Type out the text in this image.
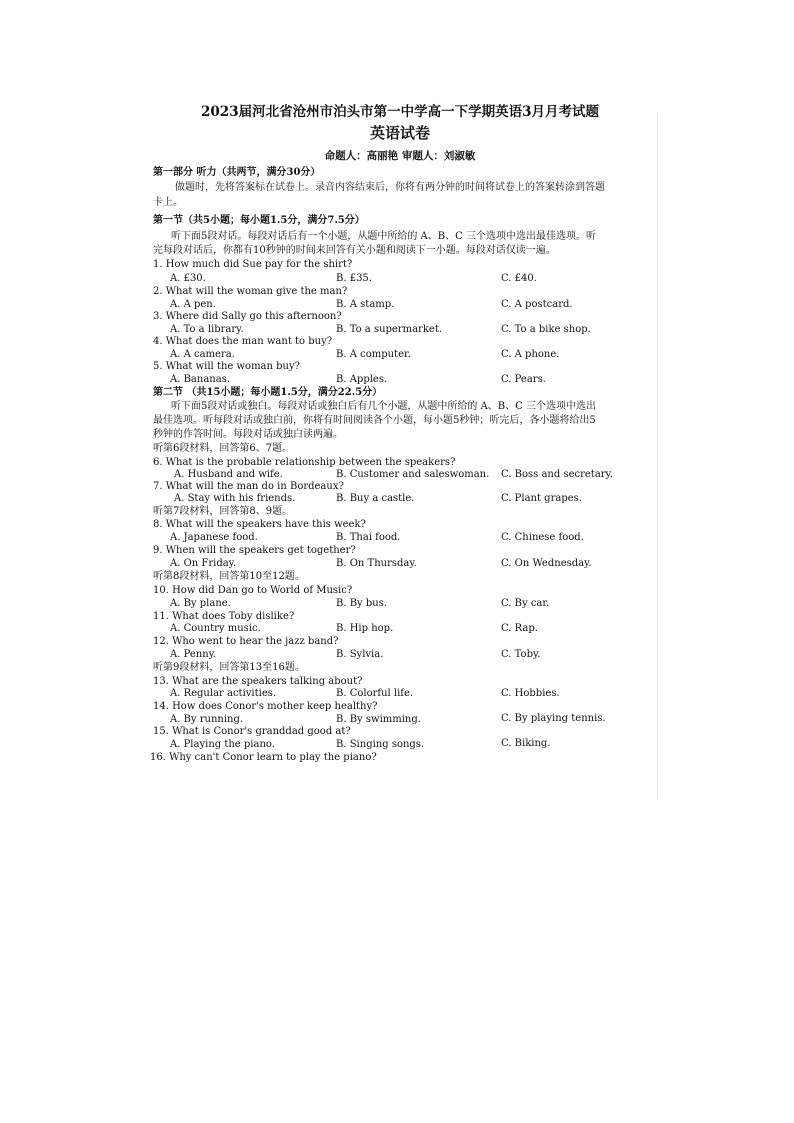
2023届河北省沧州市泊头市第一中学高一下学期英语3月月考试题
英语试卷
命题人：高丽艳 审题人：刘淑敏
第一部分 听力（共两节，满分30分）
做题时，先将答案标在试卷上。录音内容结束后，你将有两分钟的时间将试卷上的答案转涂到答题
卡上。
第一节（共5小题；每小题1.5分，满分7.5分）
听下面5段对话。每段对话后有一个小题，从题中所给的 A、B、C 三个选项中选出最佳选项。听
完每段对话后，你都有10秒钟的时间来回答有关小题和阅读下一小题。每段对话仅读一遍。
1. How much did Sue pay for the shirt?
A. £30.	B. £35.	C. £40.
2. What will the woman give the man?
A. A pen.	B. A stamp.	C. A postcard.
3. Where did Sally go this afternoon?
A. To a library.	B. To a supermarket.	C. To a bike shop.
4. What does the man want to buy?
A. A camera.	B. A computer.	C. A phone.
5. What will the woman buy?
A. Bananas.	B. Apples.	C. Pears.
第二节 （共15小题；每小题1.5分，满分22.5分）
听下面5段对话或独白。每段对话或独白后有几个小题，从题中所给的 A、B、C 三个选项中选出
最佳选项。听每段对话或独白前，你将有时间阅读各个小题，每小题5秒钟；听完后，各小题将给出5
秒钟的作答时间。每段对话或独白读两遍。
听第6段材料，回答第6、7题。
6. What is the probable relationship between the speakers?
A. Husband and wife.	B. Customer and saleswoman. C. Boss and secretary.
7. What will the man do in Bordeaux?
A. Stay with his friends.	B. Buy a castle.	C. Plant grapes.
听第7段材料，回答第8、9题。
8. What will the speakers have this week?
A. Japanese food.	B. Thai food.	C. Chinese food.
9. When will the speakers get together?
A. On Friday.	B. On Thursday.	C. On Wednesday.
听第8段材料，回答第10至12题。
10. How did Dan go to World of Music?
A. By plane.	B. By bus.	C. By car.
11. What does Toby dislike?
A. Country music.	B. Hip hop.	C. Rap.
12. Who went to hear the jazz band?
A. Penny.	B. Sylvia.	C. Toby.
听第9段材料，回答第13至16题。
13. What are the speakers talking about?
A. Regular activities.	B. Colorful life.	C. Hobbies.
14. How does Conor's mother keep healthy?
A. By running.	B. By swimming.	C. By playing tennis.
15. What is Conor's granddad good at?
A. Playing the piano.	B. Singing songs.	C. Biking.
16. Why can't Conor learn to play the piano?
